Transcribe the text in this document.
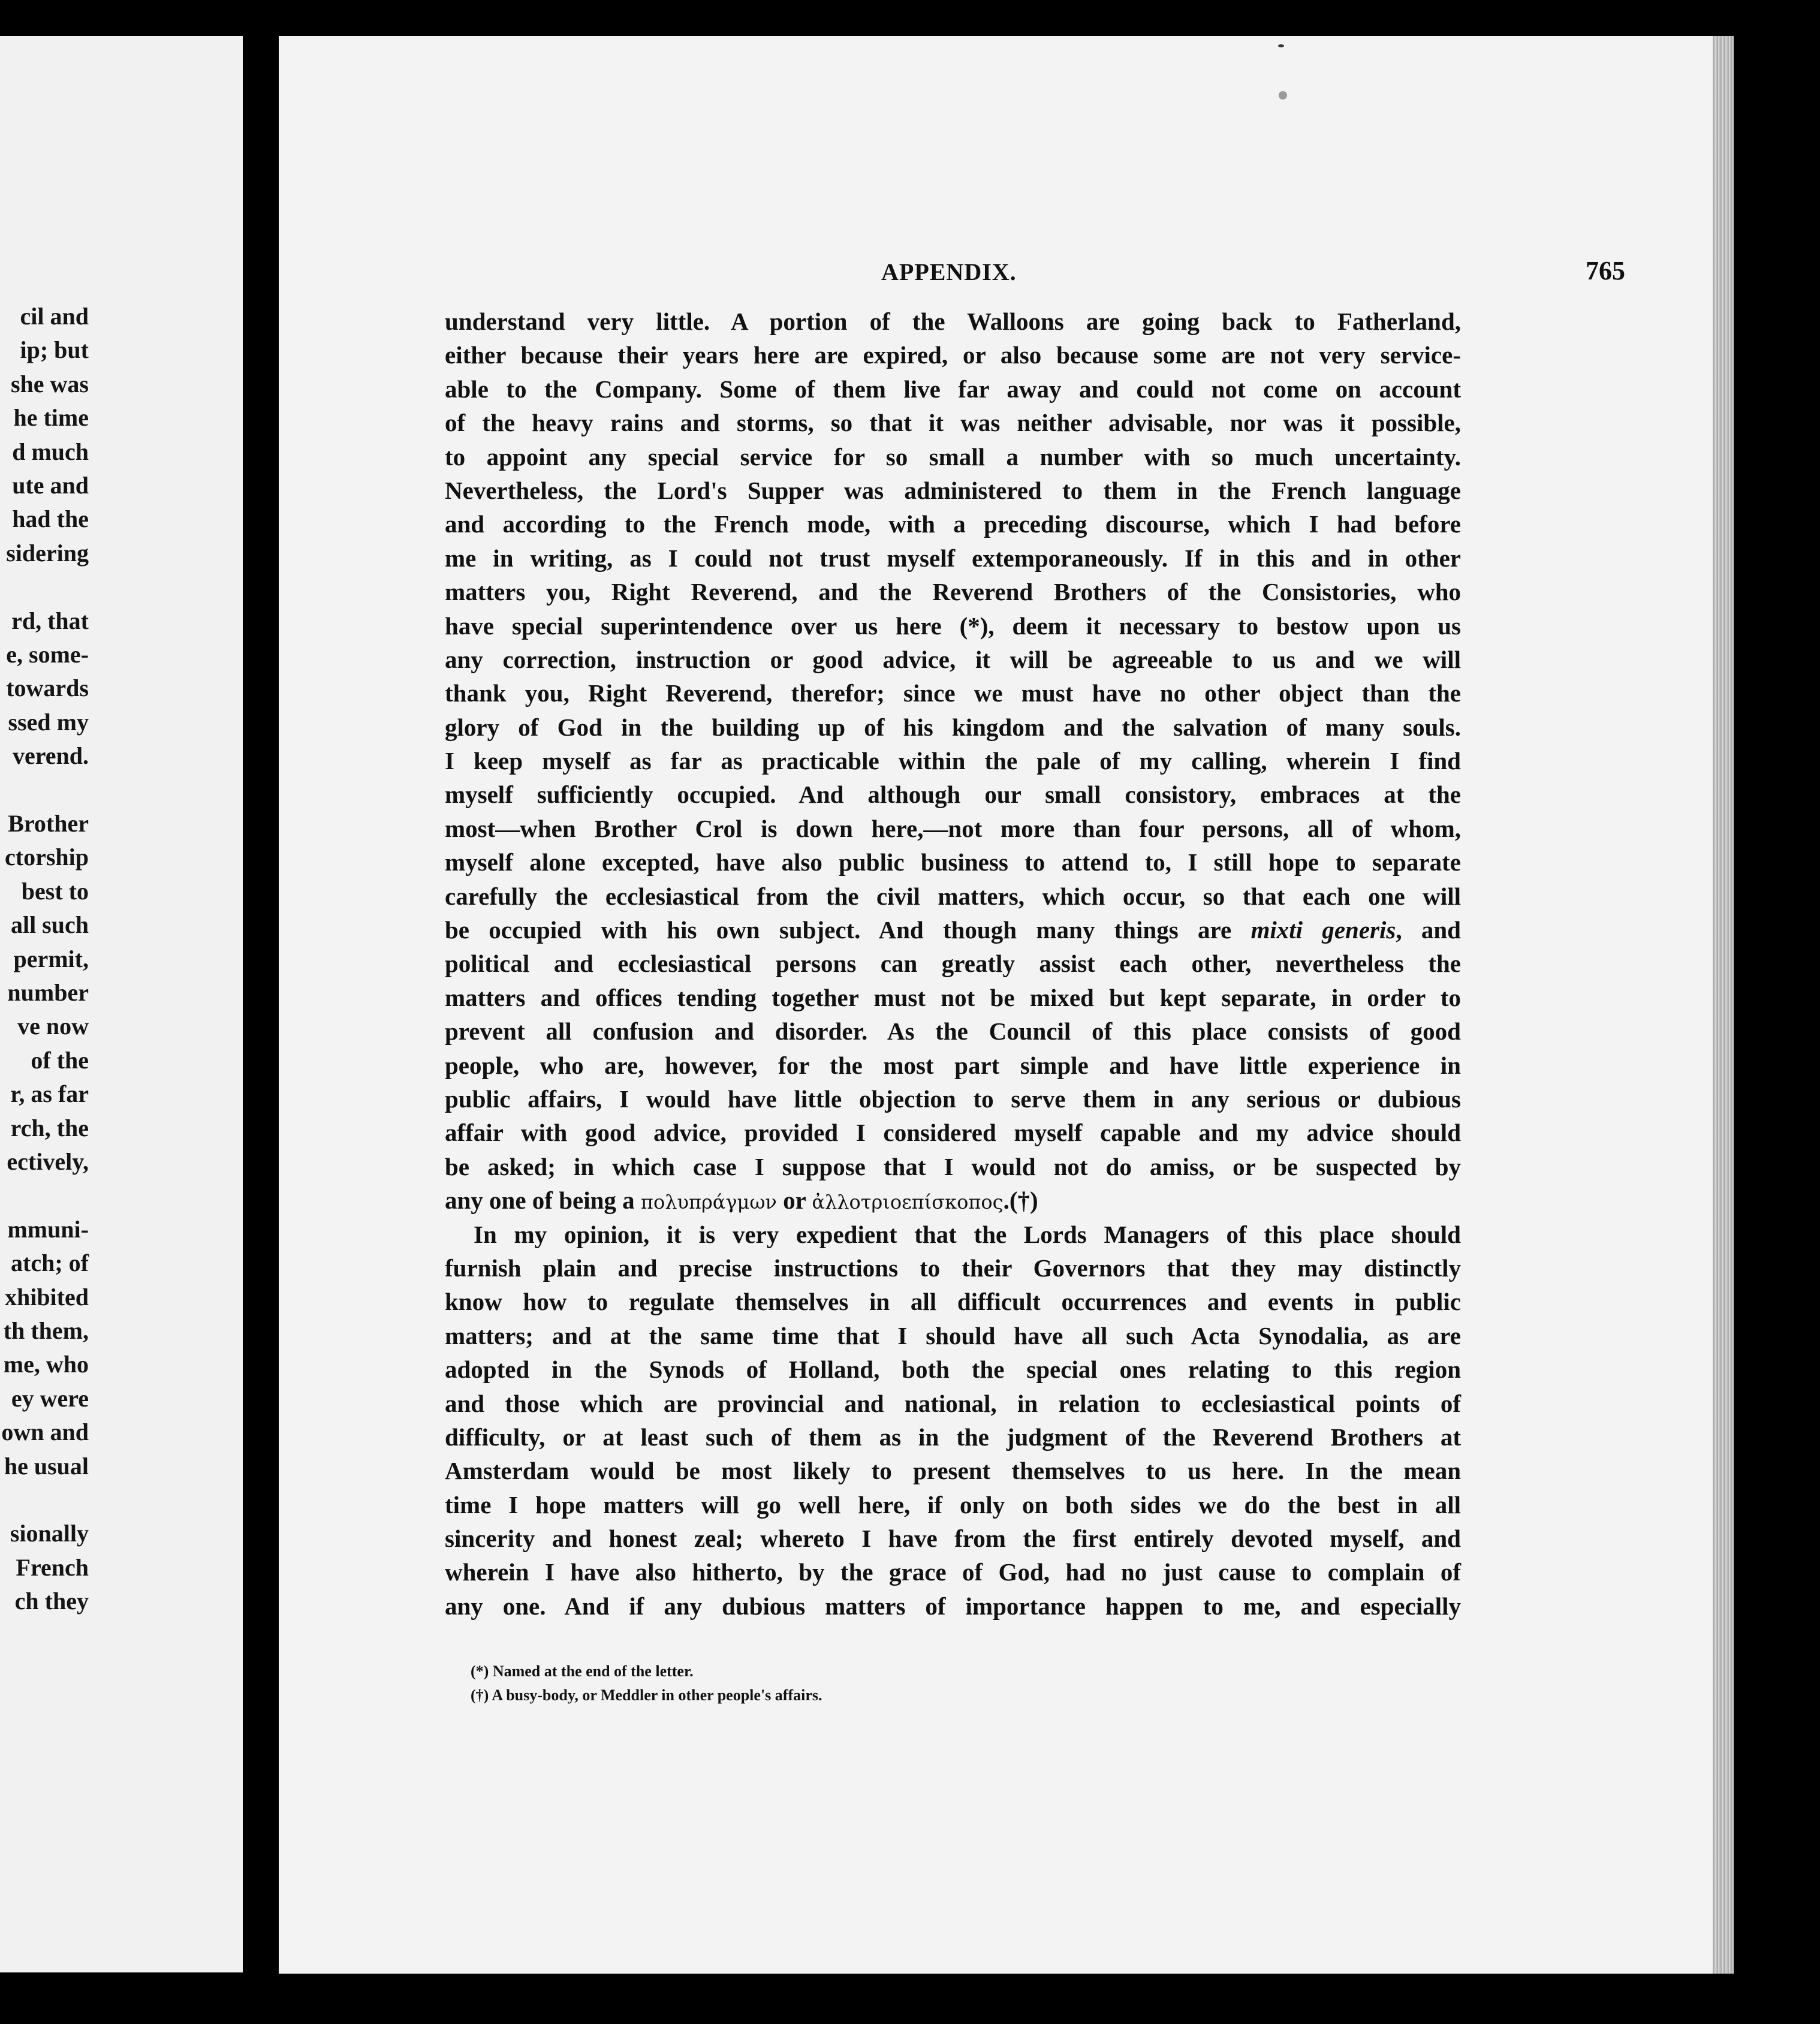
cil and
ip; but
she was
he time
d much
ute and
had the
sidering
rd, that
e, some-
towards
ssed my
verend.
Brother
ctorship
best to
all such
permit,
number
ve now
of the
r, as far
rch, the
ectively,
mmuni-
atch; of
xhibited
th them,
me, who
ey were
own and
he usual
sionally
French
ch they
APPENDIX.	765
understand very little. A portion of the Walloons are going back to Fatherland,
either because their years here are expired, or also because some are not very service-
able to the Company. Some of them live far away and could not come on account
of the heavy rains and storms, so that it was neither advisable, nor was it possible,
to appoint any special service for so small a number with so much uncertainty.
Nevertheless, the Lord's Supper was administered to them in the French language
and according to the French mode, with a preceding discourse, which I had before
me in writing, as I could not trust myself extemporaneously. If in this and in other
matters you, Right Reverend, and the Reverend Brothers of the Consistories, who
have special superintendence over us here (*), deem it necessary to bestow upon us
any correction, instruction or good advice, it will be agreeable to us and we will
thank you, Right Reverend, therefor; since we must have no other object than the
glory of God in the building up of his kingdom and the salvation of many souls.
I keep myself as far as practicable within the pale of my calling, wherein I find
myself sufficiently occupied. And although our small consistory, embraces at the
most—when Brother Crol is down here,—not more than four persons, all of whom,
myself alone excepted, have also public business to attend to, I still hope to separate
carefully the ecclesiastical from the civil matters, which occur, so that each one will
be occupied with his own subject. And though many things are mixti generis, and
political and ecclesiastical persons can greatly assist each other, nevertheless the
matters and offices tending together must not be mixed but kept separate, in order to
prevent all confusion and disorder. As the Council of this place consists of good
people, who are, however, for the most part simple and have little experience in
public affairs, I would have little objection to serve them in any serious or dubious
affair with good advice, provided I considered myself capable and my advice should
be asked; in which case I suppose that I would not do amiss, or be suspected by
any one of being a πολυπράγμων or ἀλλοτριοεπίσκοπος.(†)
In my opinion, it is very expedient that the Lords Managers of this place should
furnish plain and precise instructions to their Governors that they may distinctly
know how to regulate themselves in all difficult occurrences and events in public
matters; and at the same time that I should have all such Acta Synodalia, as are
adopted in the Synods of Holland, both the special ones relating to this region
and those which are provincial and national, in relation to ecclesiastical points of
difficulty, or at least such of them as in the judgment of the Reverend Brothers at
Amsterdam would be most likely to present themselves to us here. In the mean
time I hope matters will go well here, if only on both sides we do the best in all
sincerity and honest zeal; whereto I have from the first entirely devoted myself, and
wherein I have also hitherto, by the grace of God, had no just cause to complain of
any one. And if any dubious matters of importance happen to me, and especially
(*) Named at the end of the letter.
(†) A busy-body, or Meddler in other people's affairs.
